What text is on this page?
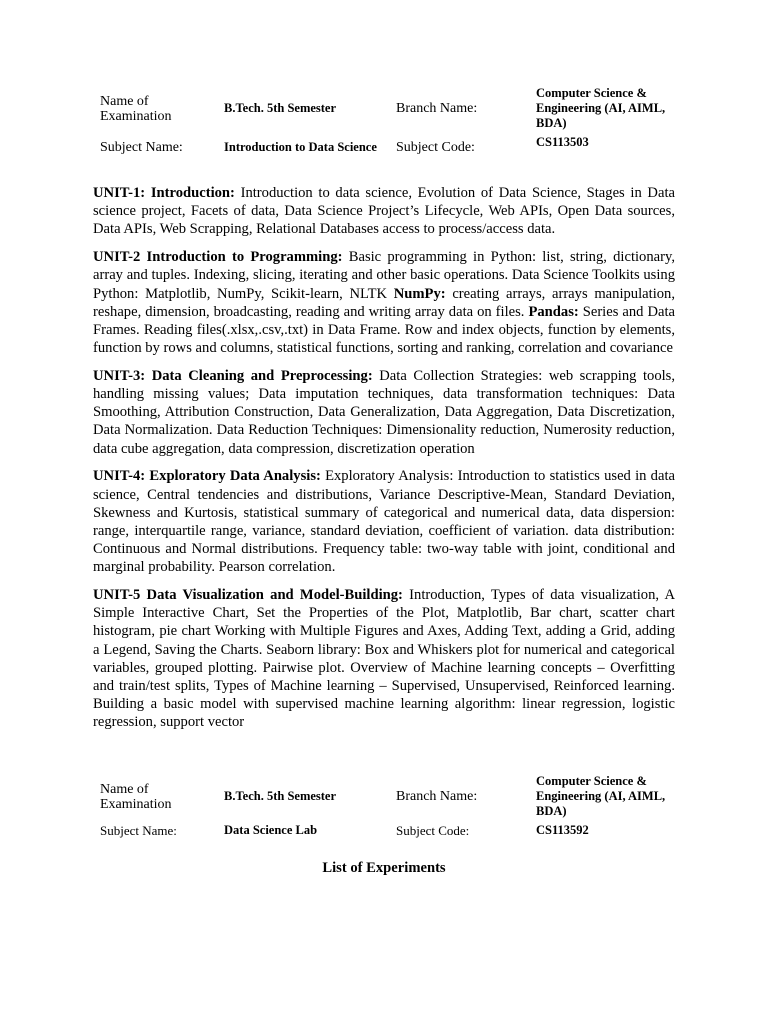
Name of Examination	B.Tech. 5th Semester	Branch Name:	Computer Science & Engineering (AI, AIML, BDA)
Subject Name:	Introduction to Data Science	Subject Code:	CS113503

UNIT-1: Introduction: Introduction to data science, Evolution of Data Science, Stages in Data science project, Facets of data, Data Science Project’s Lifecycle, Web APIs, Open Data sources, Data APIs, Web Scrapping, Relational Databases access to process/access data.

UNIT-2 Introduction to Programming: Basic programming in Python: list, string, dictionary, array and tuples. Indexing, slicing, iterating and other basic operations. Data Science Toolkits using Python: Matplotlib, NumPy, Scikit-learn, NLTK NumPy: creating arrays, arrays manipulation, reshape, dimension, broadcasting, reading and writing array data on files. Pandas: Series and Data Frames. Reading files(.xlsx,.csv,.txt) in Data Frame. Row and index objects, function by elements, function by rows and columns, statistical functions, sorting and ranking, correlation and covariance

UNIT-3: Data Cleaning and Preprocessing: Data Collection Strategies: web scrapping tools, handling missing values; Data imputation techniques, data transformation techniques: Data Smoothing, Attribution Construction, Data Generalization, Data Aggregation, Data Discretization, Data Normalization. Data Reduction Techniques: Dimensionality reduction, Numerosity reduction, data cube aggregation, data compression, discretization operation

UNIT-4: Exploratory Data Analysis: Exploratory Analysis: Introduction to statistics used in data science, Central tendencies and distributions, Variance Descriptive-Mean, Standard Deviation, Skewness and Kurtosis, statistical summary of categorical and numerical data, data dispersion: range, interquartile range, variance, standard deviation, coefficient of variation. data distribution: Continuous and Normal distributions. Frequency table: two-way table with joint, conditional and marginal probability. Pearson correlation.

UNIT-5 Data Visualization and Model-Building: Introduction, Types of data visualization, A Simple Interactive Chart, Set the Properties of the Plot, Matplotlib, Bar chart, scatter chart histogram, pie chart Working with Multiple Figures and Axes, Adding Text, adding a Grid, adding a Legend, Saving the Charts. Seaborn library: Box and Whiskers plot for numerical and categorical variables, grouped plotting. Pairwise plot. Overview of Machine learning concepts – Overfitting and train/test splits, Types of Machine learning – Supervised, Unsupervised, Reinforced learning. Building a basic model with supervised machine learning algorithm: linear regression, logistic regression, support vector

Name of Examination	B.Tech. 5th Semester	Branch Name:	Computer Science & Engineering (AI, AIML, BDA)
Subject Name:	Data Science Lab	Subject Code:	CS113592
List of Experiments
